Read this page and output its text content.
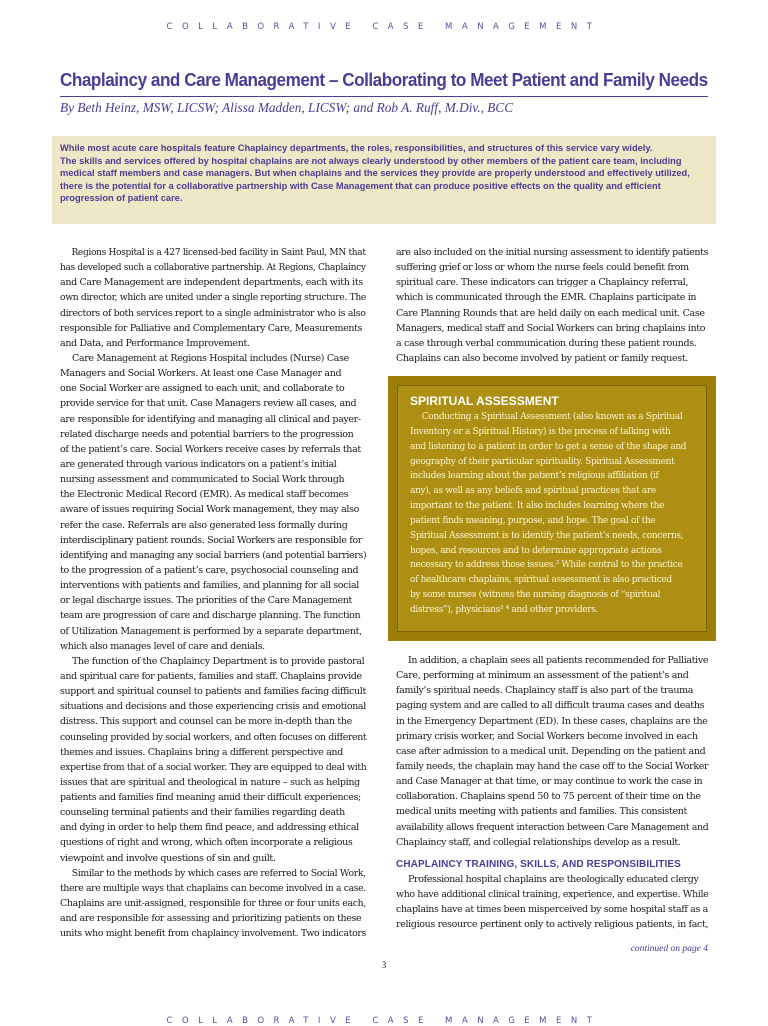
COLLABORATIVE CASE MANAGEMENT
Chaplaincy and Care Management – Collaborating to Meet Patient and Family Needs
By Beth Heinz, MSW, LICSW; Alissa Madden, LICSW; and Rob A. Ruff, M.Div., BCC
While most acute care hospitals feature Chaplaincy departments, the roles, responsibilities, and structures of this service vary widely.
The skills and services offered by hospital chaplains are not always clearly understood by other members of the patient care team, including
medical staff members and case managers. But when chaplains and the services they provide are properly understood and effectively utilized,
there is the potential for a collaborative partnership with Case Management that can produce positive effects on the quality and efficient
progression of patient care.
Regions Hospital is a 427 licensed-bed facility in Saint Paul, MN that
has developed such a collaborative partnership. At Regions, Chaplaincy
and Care Management are independent departments, each with its
own director, which are united under a single reporting structure. The
directors of both services report to a single administrator who is also
responsible for Palliative and Complementary Care, Measurements
and Data, and Performance Improvement.
Care Management at Regions Hospital includes (Nurse) Case
Managers and Social Workers. At least one Case Manager and
one Social Worker are assigned to each unit, and collaborate to
provide service for that unit. Case Managers review all cases, and
are responsible for identifying and managing all clinical and payer-
related discharge needs and potential barriers to the progression
of the patient’s care. Social Workers receive cases by referrals that
are generated through various indicators on a patient’s initial
nursing assessment and communicated to Social Work through
the Electronic Medical Record (EMR). As medical staff becomes
aware of issues requiring Social Work management, they may also
refer the case. Referrals are also generated less formally during
interdisciplinary patient rounds. Social Workers are responsible for
identifying and managing any social barriers (and potential barriers)
to the progression of a patient’s care, psychosocial counseling and
interventions with patients and families, and planning for all social
or legal discharge issues. The priorities of the Care Management
team are progression of care and discharge planning. The function
of Utilization Management is performed by a separate department,
which also manages level of care and denials.
The function of the Chaplaincy Department is to provide pastoral
and spiritual care for patients, families and staff. Chaplains provide
support and spiritual counsel to patients and families facing difficult
situations and decisions and those experiencing crisis and emotional
distress. This support and counsel can be more in-depth than the
counseling provided by social workers, and often focuses on different
themes and issues. Chaplains bring a different perspective and
expertise from that of a social worker. They are equipped to deal with
issues that are spiritual and theological in nature – such as helping
patients and families find meaning amid their difficult experiences;
counseling terminal patients and their families regarding death
and dying in order to help them find peace, and addressing ethical
questions of right and wrong, which often incorporate a religious
viewpoint and involve questions of sin and guilt.
Similar to the methods by which cases are referred to Social Work,
there are multiple ways that chaplains can become involved in a case.
Chaplains are unit-assigned, responsible for three or four units each,
and are responsible for assessing and prioritizing patients on these
units who might benefit from chaplaincy involvement. Two indicators
are also included on the initial nursing assessment to identify patients
suffering grief or loss or whom the nurse feels could benefit from
spiritual care. These indicators can trigger a Chaplaincy referral,
which is communicated through the EMR. Chaplains participate in
Care Planning Rounds that are held daily on each medical unit. Case
Managers, medical staff and Social Workers can bring chaplains into
a case through verbal communication during these patient rounds.
Chaplains can also become involved by patient or family request.
SPIRITUAL ASSESSMENT
Conducting a Spiritual Assessment (also known as a Spiritual
Inventory or a Spiritual History) is the process of talking with
and listening to a patient in order to get a sense of the shape and
geography of their particular spirituality. Spiritual Assessment
includes learning about the patient’s religious affiliation (if
any), as well as any beliefs and spiritual practices that are
important to the patient. It also includes learning where the
patient finds meaning, purpose, and hope. The goal of the
Spiritual Assessment is to identify the patient’s needs, concerns,
hopes, and resources and to determine appropriate actions
necessary to address those issues.² While central to the practice
of healthcare chaplains, spiritual assessment is also practiced
by some nurses (witness the nursing diagnosis of “spiritual
distress”), physicians³ ⁴ and other providers.
In addition, a chaplain sees all patients recommended for Palliative
Care, performing at minimum an assessment of the patient’s and
family’s spiritual needs. Chaplaincy staff is also part of the trauma
paging system and are called to all difficult trauma cases and deaths
in the Emergency Department (ED). In these cases, chaplains are the
primary crisis worker, and Social Workers become involved in each
case after admission to a medical unit. Depending on the patient and
family needs, the chaplain may hand the case off to the Social Worker
and Case Manager at that time, or may continue to work the case in
collaboration. Chaplains spend 50 to 75 percent of their time on the
medical units meeting with patients and families. This consistent
availability allows frequent interaction between Care Management and
Chaplaincy staff, and collegial relationships develop as a result.
CHAPLAINCY TRAINING, SKILLS, AND RESPONSIBILITIES
Professional hospital chaplains are theologically educated clergy
who have additional clinical training, experience, and expertise. While
chaplains have at times been misperceived by some hospital staff as a
religious resource pertinent only to actively religious patients, in fact,
continued on page 4
3
COLLABORATIVE CASE MANAGEMENT
